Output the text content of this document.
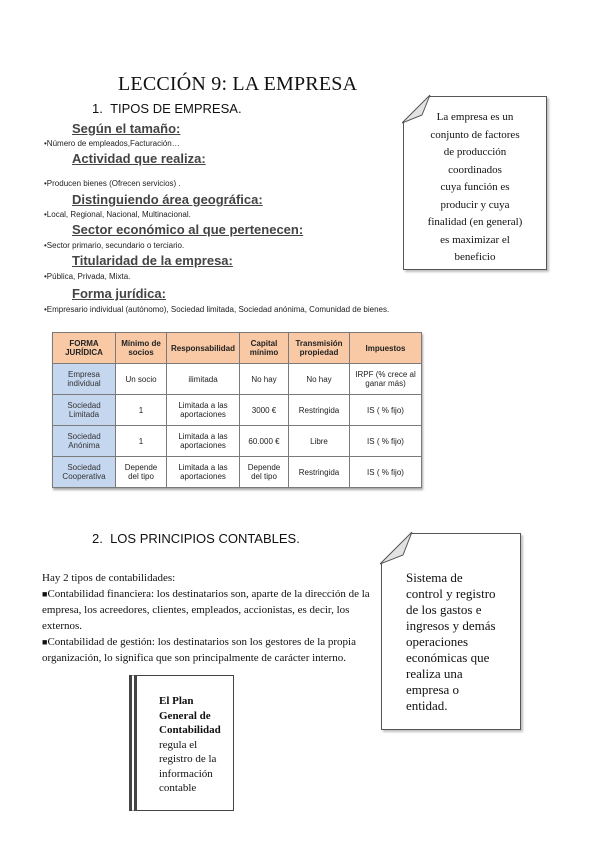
LECCIÓN 9: LA EMPRESA
1. TIPOS DE EMPRESA.
Según el tamaño:
•Número de empleados,Facturación…
Actividad que realiza:
•Producen bienes (Ofrecen servicios) .
Distinguiendo área geográfica:
•Local, Regional, Nacional, Multinacional.
Sector económico al que pertenecen:
•Sector primario, secundario o terciario.
Titularidad de la empresa:
•Pública, Privada, Mixta.
Forma jurídica:
•Empresario individual (autónomo), Sociedad limitada, Sociedad anónima, Comunidad de bienes.
FORMA JURÍDICA	Mínimo de socios	Responsabilidad	Capital mínimo	Transmisión propiedad	Impuestos
Empresa individual	Un socio	ilimitada	No hay	No hay	IRPF (% crece al ganar más)
Sociedad Limitada	1	Limitada a las aportaciones	3000 €	Restringida	IS ( % fijo)
Sociedad Anónima	1	Limitada a las aportaciones	60.000 €	Libre	IS ( % fijo)
Sociedad Cooperativa	Depende del tipo	Limitada a las aportaciones	Depende del tipo	Restringida	IS ( % fijo)
La empresa es un
conjunto de factores
de producción
coordinados
cuya función es
producir y cuya
finalidad (en general)
es maximizar el
beneficio
2. LOS PRINCIPIOS CONTABLES.

Hay 2 tipos de contabilidades:

■Contabilidad financiera: los destinatarios son, aparte de la dirección de la empresa, los acreedores, clientes, empleados, accionistas, es decir, los externos.

■Contabilidad de gestión: los destinatarios son los gestores de la propia organización, lo significa que son principalmente de carácter interno.

Sistema de
control y registro
de los gastos e
ingresos y demás
operaciones
económicas que
realiza una
empresa o
entidad.
El Plan
General de
Contabilidad
regula el
registro de la
información
contable
